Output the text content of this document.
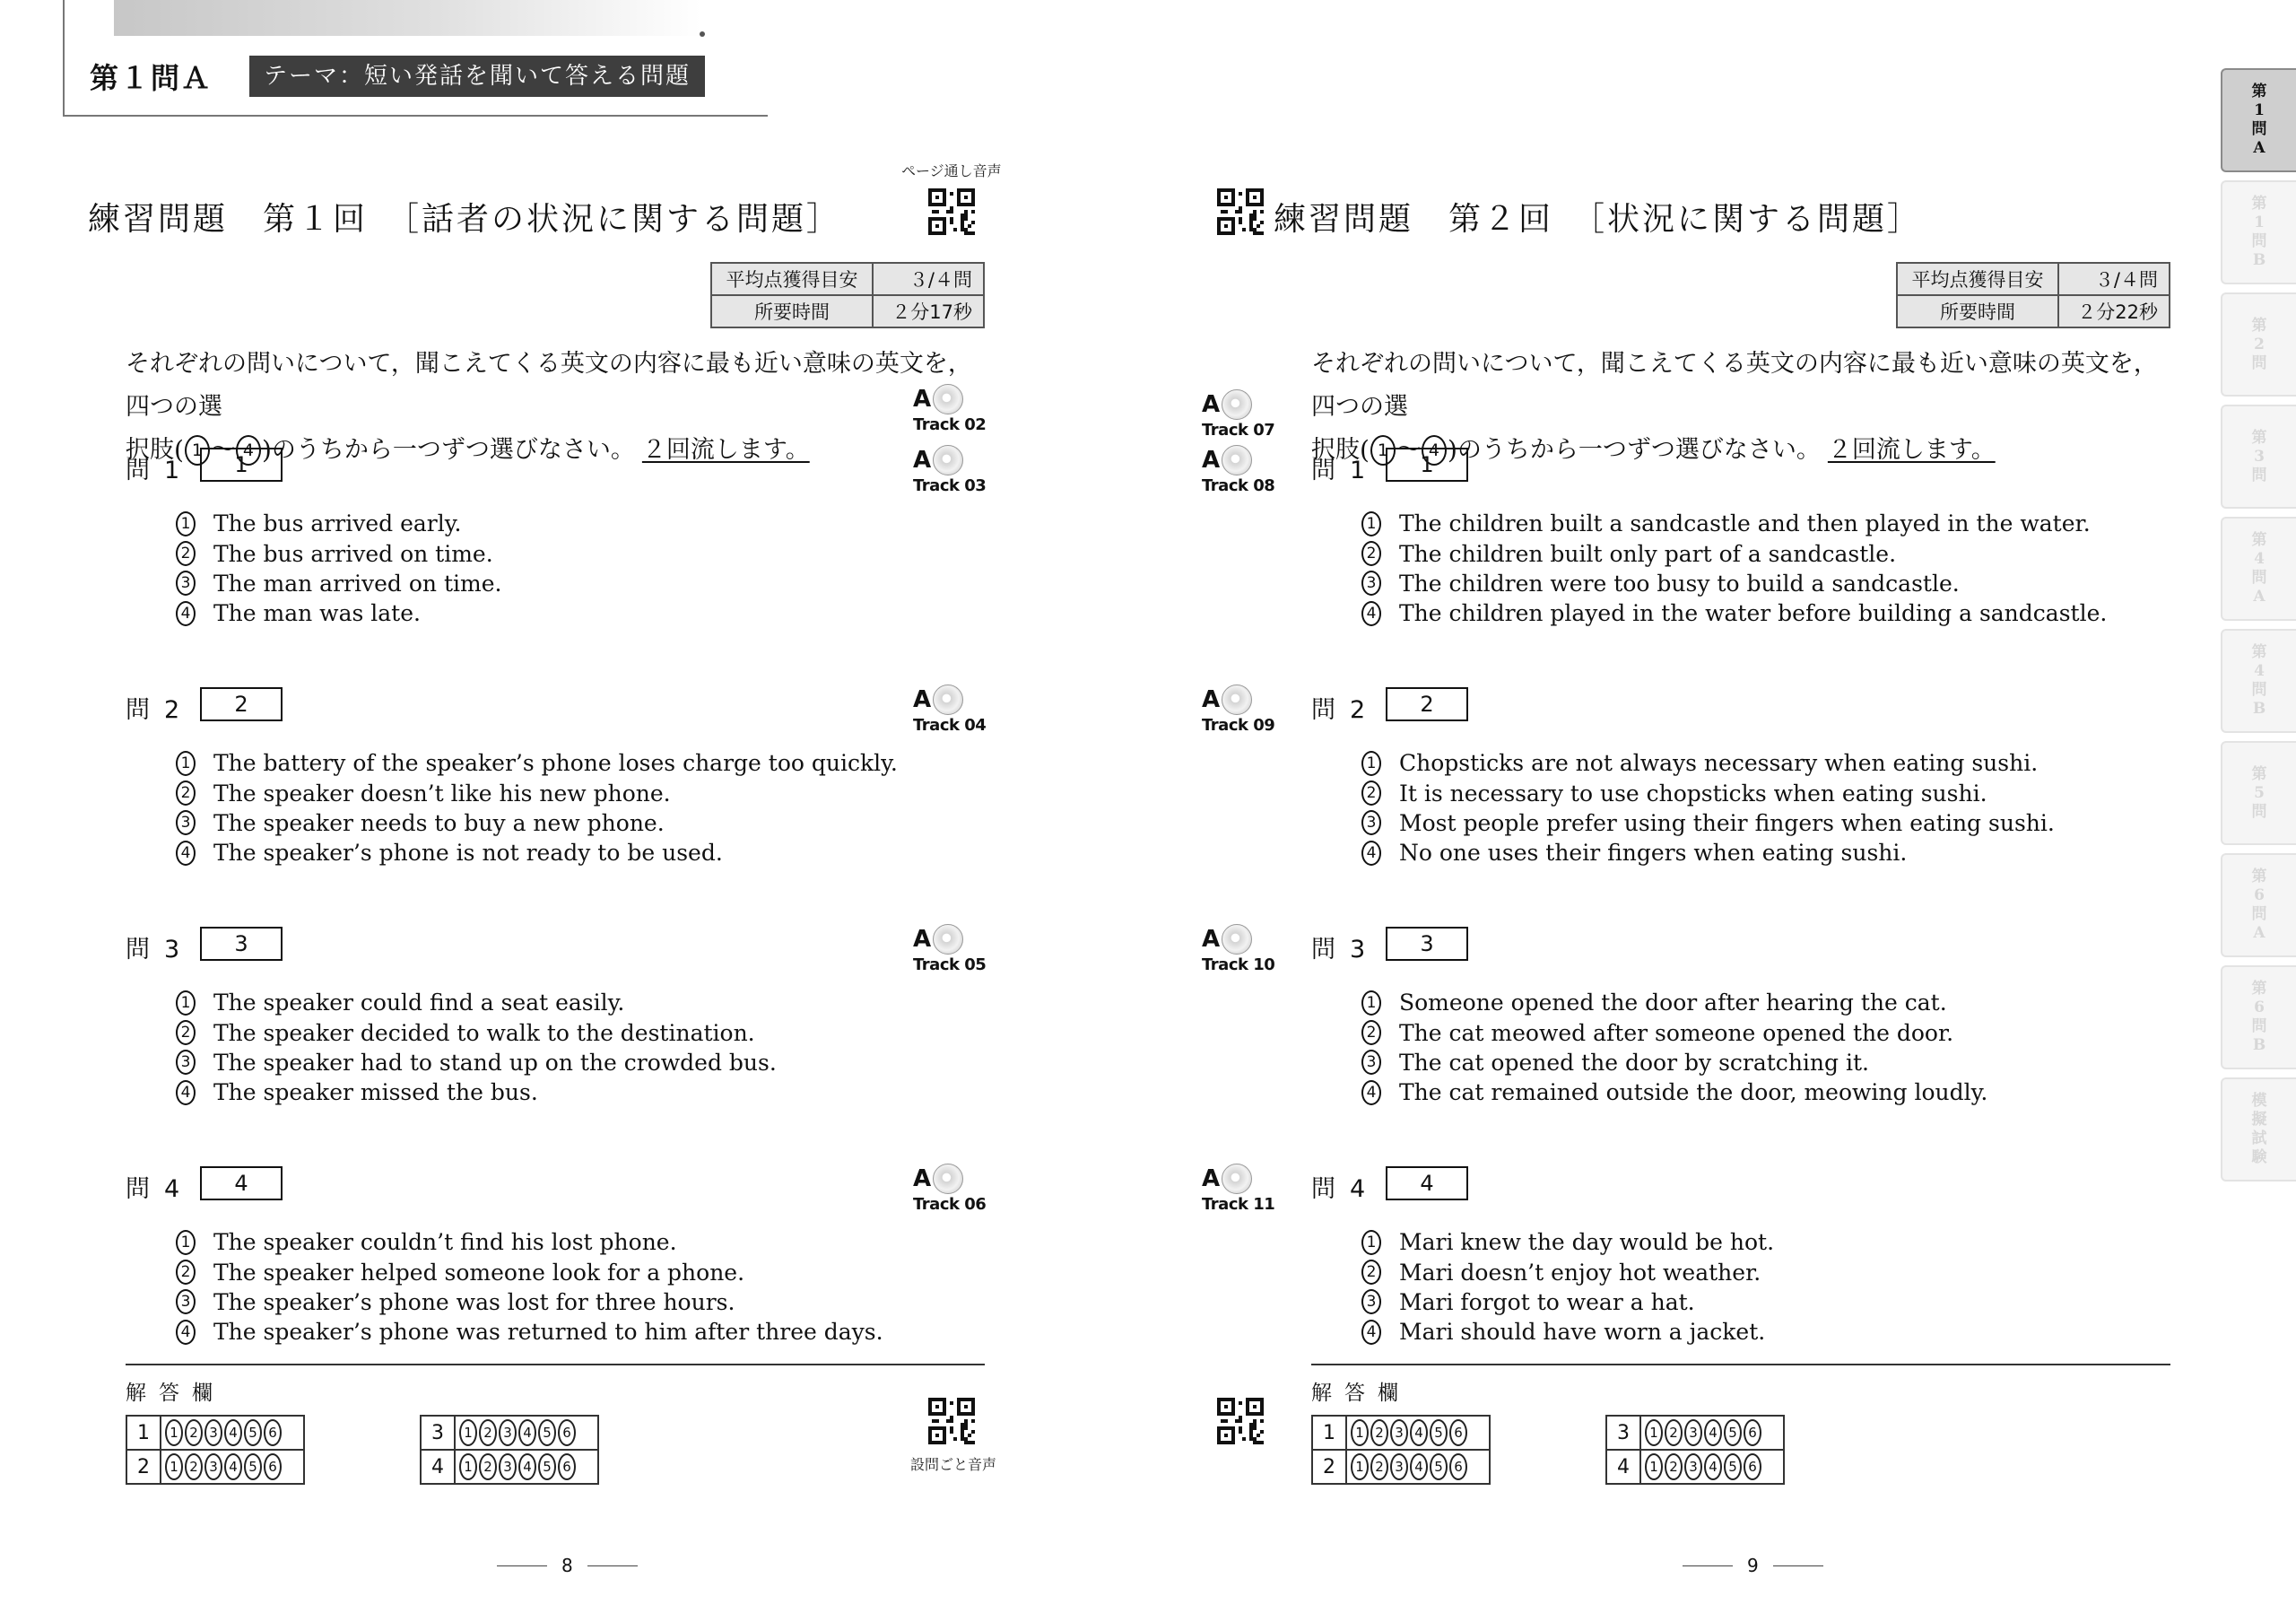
第１問Ａ	テーマ：短い発話を聞いて答える問題
ページ通し音声
練習問題　第１回　［話者の状況に関する問題］
平均点獲得目安	３/４問
所要時間	２分17秒
それぞれの問いについて，聞こえてくる英文の内容に最も近い意味の英文を，四つの選
択肢 ( 1 〜 4 ) のうちから一つずつ選びなさい。 ２回流します。
A
Track 02
A
Track 03
A
Track 04
A
Track 05
A
Track 06
問 1	1
1 The bus arrived early.
2 The bus arrived on time.
3 The man arrived on time.
4 The man was late.
問 2	2
1 The battery of the speaker’s phone loses charge too quickly.
2 The speaker doesn’t like his new phone.
3 The speaker needs to buy a new phone.
4 The speaker’s phone is not ready to be used.
問 3	3
1 The speaker could find a seat easily.
2 The speaker decided to walk to the destination.
3 The speaker had to stand up on the crowded bus.
4 The speaker missed the bus.
問 4	4
1 The speaker couldn’t find his lost phone.
2 The speaker helped someone look for a phone.
3 The speaker’s phone was lost for three hours.
4 The speaker’s phone was returned to him after three days.
解答欄
1	1 2 3 4 5 6
2	1 2 3 4 5 6
3	1 2 3 4 5 6
4	1 2 3 4 5 6	設問ごと音声
8
練習問題　第２回　［状況に関する問題］
平均点獲得目安	３/４問
所要時間	２分22秒
それぞれの問いについて，聞こえてくる英文の内容に最も近い意味の英文を，四つの選
択肢 ( 1 〜 4 ) のうちから一つずつ選びなさい。 ２回流します。
A
Track 07
A
Track 08
A
Track 09
A
Track 10
A
Track 11
問 1	1
1 The children built a sandcastle and then played in the water.
2 The children built only part of a sandcastle.
3 The children were too busy to build a sandcastle.
4 The children played in the water before building a sandcastle.
問 2	2
1 Chopsticks are not always necessary when eating sushi.
2 It is necessary to use chopsticks when eating sushi.
3 Most people prefer using their fingers when eating sushi.
4 No one uses their fingers when eating sushi.
問 3	3
1 Someone opened the door after hearing the cat.
2 The cat meowed after someone opened the door.
3 The cat opened the door by scratching it.
4 The cat remained outside the door, meowing loudly.
問 4	4
1 Mari knew the day would be hot.
2 Mari doesn’t enjoy hot weather.
3 Mari forgot to wear a hat.
4 Mari should have worn a jacket.
解答欄
1	1 2 3 4 5 6
2	1 2 3 4 5 6
3	1 2 3 4 5 6
4	1 2 3 4 5 6
9
第
1
問
A
第
1
問
B
第
2
問
第
3
問
第
4
問
A
第
4
問
B
第
5
問
第
6
問
A
第
6
問
B
模
擬
試
験
